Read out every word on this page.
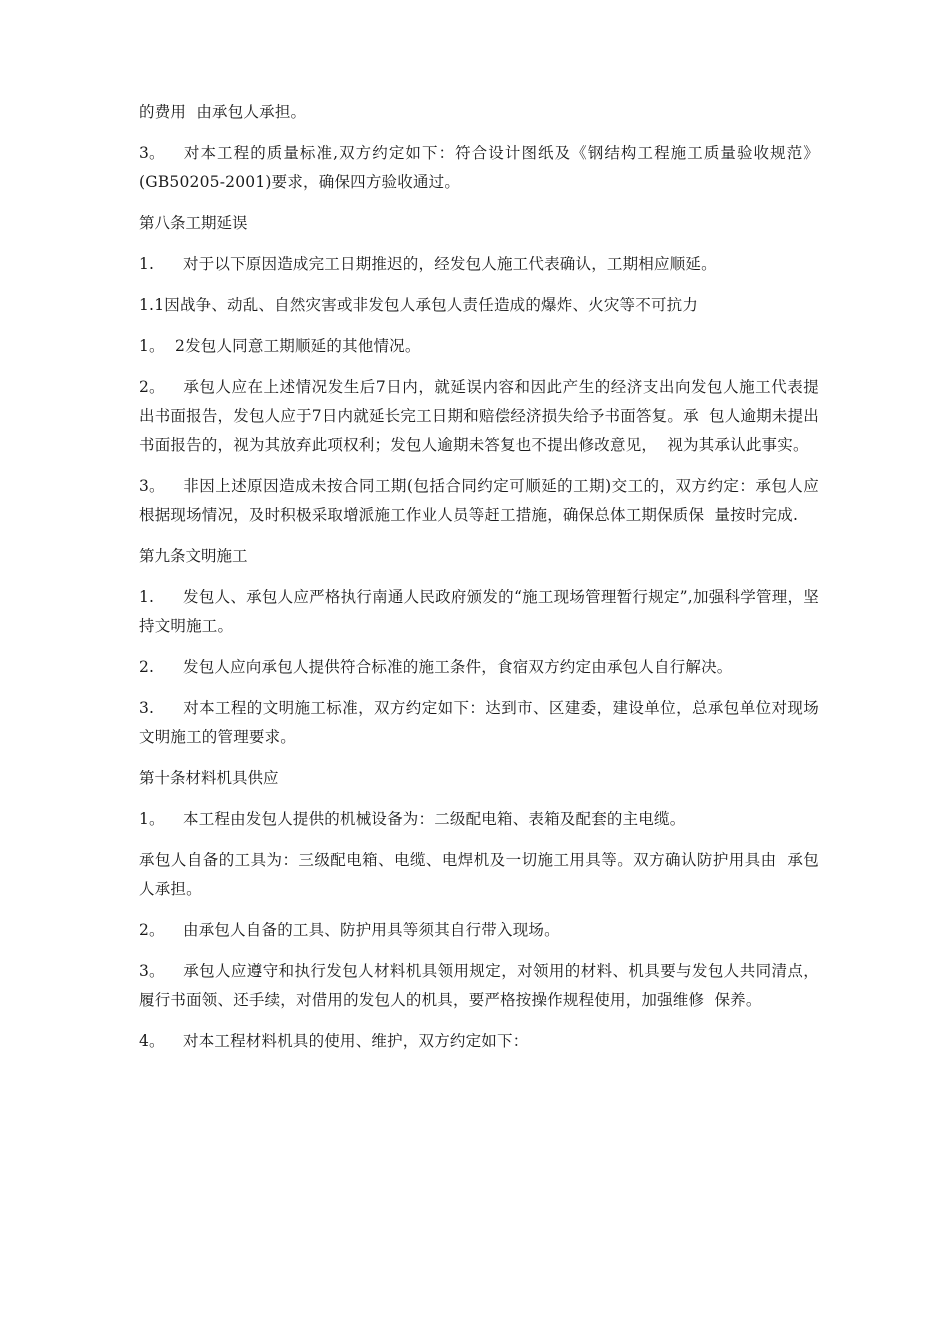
的费用  由承包人承担。

3。 对本工程的质量标准,双方约定如下：符合设计图纸及《钢结构工程施工质量验收规范》(GB50205-2001)要求，确保四方验收通过。

第八条工期延误

1. 对于以下原因造成完工日期推迟的，经发包人施工代表确认，工期相应顺延。

1.1因战争、动乱、自然灾害或非发包人承包人责任造成的爆炸、火灾等不可抗力

1。  2发包人同意工期顺延的其他情况。

2。 承包人应在上述情况发生后7日内，就延误内容和因此产生的经济支出向发包人施工代表提出书面报告，发包人应于7日内就延长完工日期和赔偿经济损失给予书面答复。承  包人逾期未提出书面报告的，视为其放弃此项权利；发包人逾期未答复也不提出修改意见，  视为其承认此事实。

3。 非因上述原因造成未按合同工期(包括合同约定可顺延的工期)交工的，双方约定：承包人应根据现场情况，及时积极采取增派施工作业人员等赶工措施，确保总体工期保质保  量按时完成.

第九条文明施工

1. 发包人、承包人应严格执行南通人民政府颁发的“施工现场管理暂行规定”,加强科学管理，坚持文明施工。

2. 发包人应向承包人提供符合标准的施工条件，食宿双方约定由承包人自行解决。

3. 对本工程的文明施工标准，双方约定如下：达到市、区建委，建设单位，总承包单位对现场文明施工的管理要求。

第十条材料机具供应

1。 本工程由发包人提供的机械设备为：二级配电箱、表箱及配套的主电缆。

承包人自备的工具为：三级配电箱、电缆、电焊机及一切施工用具等。双方确认防护用具由  承包人承担。

2。 由承包人自备的工具、防护用具等须其自行带入现场。

3。 承包人应遵守和执行发包人材料机具领用规定，对领用的材料、机具要与发包人共同清点，履行书面领、还手续，对借用的发包人的机具，要严格按操作规程使用，加强维修  保养。

4。 对本工程材料机具的使用、维护，双方约定如下：
